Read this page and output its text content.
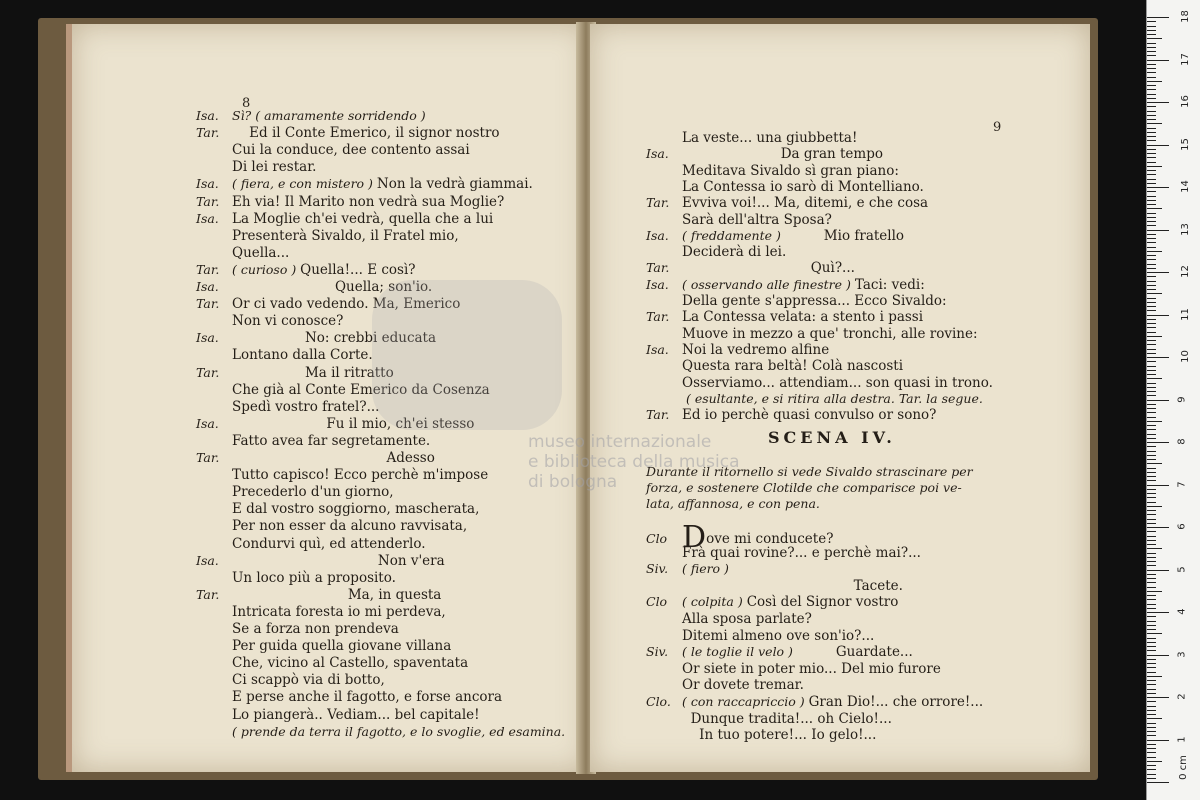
8
Isa. Sì? ( amaramente sorridendo )
Tar.    Ed il Conte Emerico, il signor nostro
Cui la conduce, dee contento assai
Di lei restar.
Isa. ( fiera, e con mistero ) Non la vedrà giammai.
Tar. Eh via! Il Marito non vedrà sua Moglie?
Isa. La Moglie ch'ei vedrà, quella che a lui
Presenterà Sivaldo, il Fratel mio,
Quella...
Tar. ( curioso ) Quella!... E così?
Isa.                        Quella; son'io.
Tar. Or ci vado vedendo. Ma, Emerico
Non vi conosce?
Isa.                 No: crebbi educata
Lontano dalla Corte.
Tar.                 Ma il ritratto
Che già al Conte Emerico da Cosenza
Spedì vostro fratel?...
Isa.                      Fu il mio, ch'ei stesso
Fatto avea far segretamente.
Tar.                                    Adesso
Tutto capisco! Ecco perchè m'impose
Precederlo d'un giorno,
E dal vostro soggiorno, mascherata,
Per non esser da alcuno ravvisata,
Condurvi quì, ed attenderlo.
Isa.                                  Non v'era
Un loco più a proposito.
Tar.                           Ma, in questa
Intricata foresta io mi perdeva,
Se a forza non prendeva
Per guida quella giovane villana
Che, vicino al Castello, spaventata
Ci scappò via di botto,
E perse anche il fagotto, e forse ancora
Lo piangerà.. Vediam... bel capitale!
( prende da terra il fagotto, e lo svoglie, ed esamina.
9
La veste... una giubbetta!
Isa.                       Da gran tempo
Meditava Sivaldo sì gran piano:
La Contessa io sarò di Montelliano.
Tar. Evviva voi!... Ma, ditemi, e che cosa
Sarà dell'altra Sposa?
Isa. ( freddamente )          Mio fratello
Deciderà di lei.
Tar.                              Quì?...
Isa. ( osservando alle finestre ) Taci: vedi:
Della gente s'appressa... Ecco Sivaldo:
Tar. La Contessa velata: a stento i passi
Muove in mezzo a que' tronchi, alle rovine:
Isa. Noi la vedremo alfine
Questa rara beltà! Colà nascosti
Osserviamo... attendiam... son quasi in trono.
( esultante, e si ritira alla destra. Tar. la segue.
Tar. Ed io perchè quasi convulso or sono?
SCENA IV.
Durante il ritornello si vede Sivaldo strascinare per
forza, e sostenere Clotilde che comparisce poi ve-
lata, affannosa, e con pena.
Clo Dove mi conducete?
Frà quai rovine?... e perchè mai?...
Siv. ( fiero )
Tacete.
Clo ( colpita ) Così del Signor vostro
Alla sposa parlate?
Ditemi almeno ove son'io?...
Siv. ( le toglie il velo )          Guardate...
Or siete in poter mio... Del mio furore
Or dovete tremar.
Clo. ( con raccapriccio ) Gran Dio!... che orrore!...
Dunque tradita!... oh Cielo!...
In tuo potere!... Io gelo!...
museo internazionale
e biblioteca della musica
di bologna
0 cm
1
2
3
4
5
6
7
8
9
10
11
12
13
14
15
16
17
18
